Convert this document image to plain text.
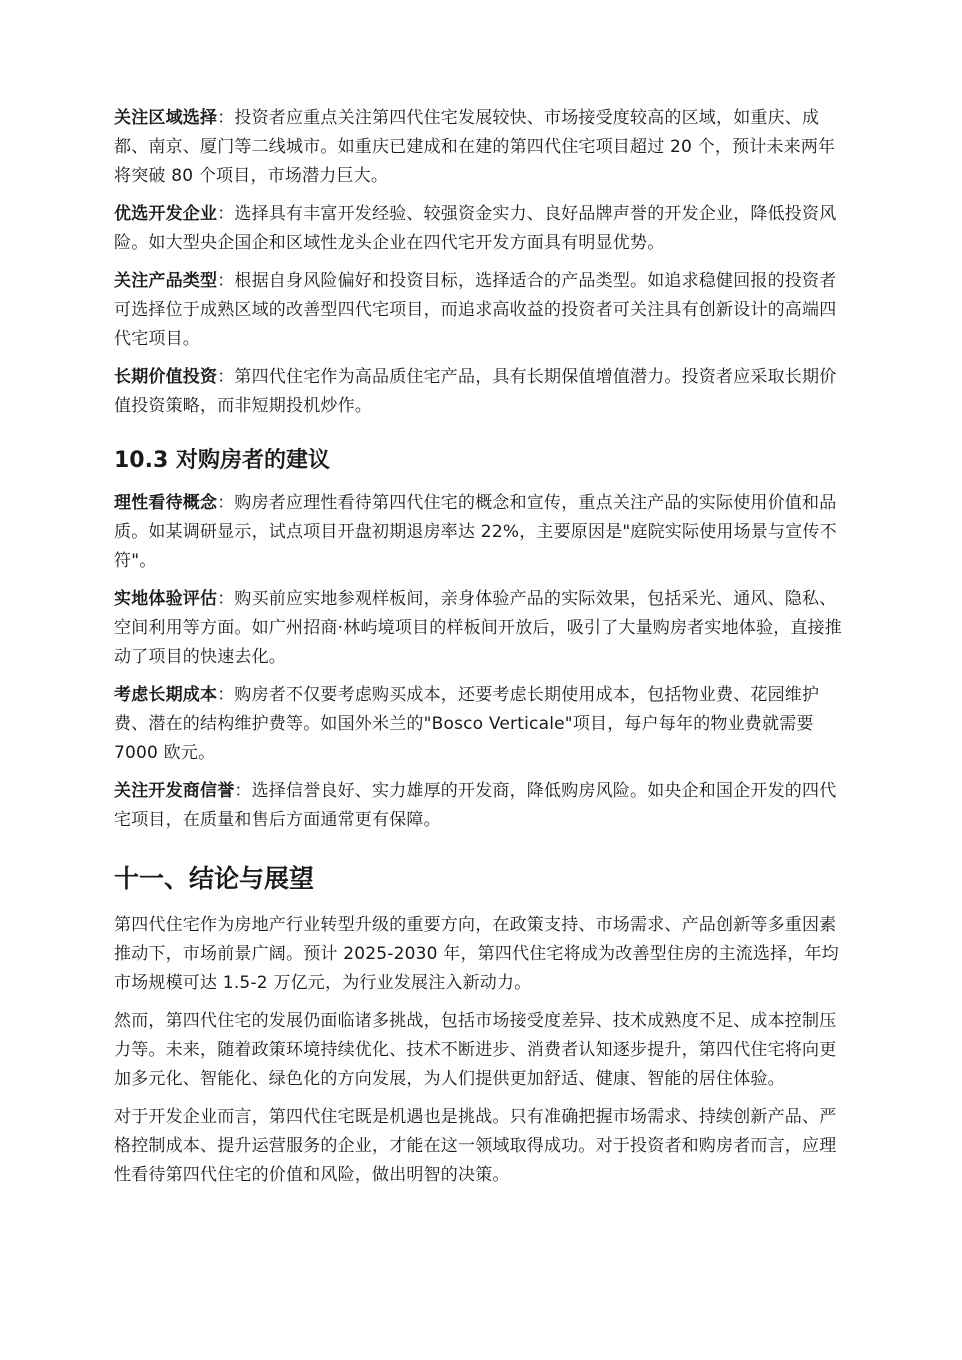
关注区域选择：投资者应重点关注第四代住宅发展较快、市场接受度较高的区域，如重庆、成都、南京、厦门等二线城市。如重庆已建成和在建的第四代住宅项目超过 20 个，预计未来两年将突破 80 个项目，市场潜力巨大。

优选开发企业：选择具有丰富开发经验、较强资金实力、良好品牌声誉的开发企业，降低投资风险。如大型央企国企和区域性龙头企业在四代宅开发方面具有明显优势。

关注产品类型：根据自身风险偏好和投资目标，选择适合的产品类型。如追求稳健回报的投资者可选择位于成熟区域的改善型四代宅项目，而追求高收益的投资者可关注具有创新设计的高端四代宅项目。

长期价值投资：第四代住宅作为高品质住宅产品，具有长期保值增值潜力。投资者应采取长期价值投资策略，而非短期投机炒作。

10.3 对购房者的建议

理性看待概念：购房者应理性看待第四代住宅的概念和宣传，重点关注产品的实际使用价值和品质。如某调研显示，试点项目开盘初期退房率达 22%，主要原因是"庭院实际使用场景与宣传不符"。

实地体验评估：购买前应实地参观样板间，亲身体验产品的实际效果，包括采光、通风、隐私、空间利用等方面。如广州招商·林屿境项目的样板间开放后，吸引了大量购房者实地体验，直接推动了项目的快速去化。

考虑长期成本：购房者不仅要考虑购买成本，还要考虑长期使用成本，包括物业费、花园维护费、潜在的结构维护费等。如国外米兰的"Bosco Verticale"项目，每户每年的物业费就需要 7000 欧元。

关注开发商信誉：选择信誉良好、实力雄厚的开发商，降低购房风险。如央企和国企开发的四代宅项目，在质量和售后方面通常更有保障。

十一、结论与展望

第四代住宅作为房地产行业转型升级的重要方向，在政策支持、市场需求、产品创新等多重因素推动下，市场前景广阔。预计 2025-2030 年，第四代住宅将成为改善型住房的主流选择，年均市场规模可达 1.5-2 万亿元，为行业发展注入新动力。

然而，第四代住宅的发展仍面临诸多挑战，包括市场接受度差异、技术成熟度不足、成本控制压力等。未来，随着政策环境持续优化、技术不断进步、消费者认知逐步提升，第四代住宅将向更加多元化、智能化、绿色化的方向发展，为人们提供更加舒适、健康、智能的居住体验。

对于开发企业而言，第四代住宅既是机遇也是挑战。只有准确把握市场需求、持续创新产品、严格控制成本、提升运营服务的企业，才能在这一领域取得成功。对于投资者和购房者而言，应理性看待第四代住宅的价值和风险，做出明智的决策。
